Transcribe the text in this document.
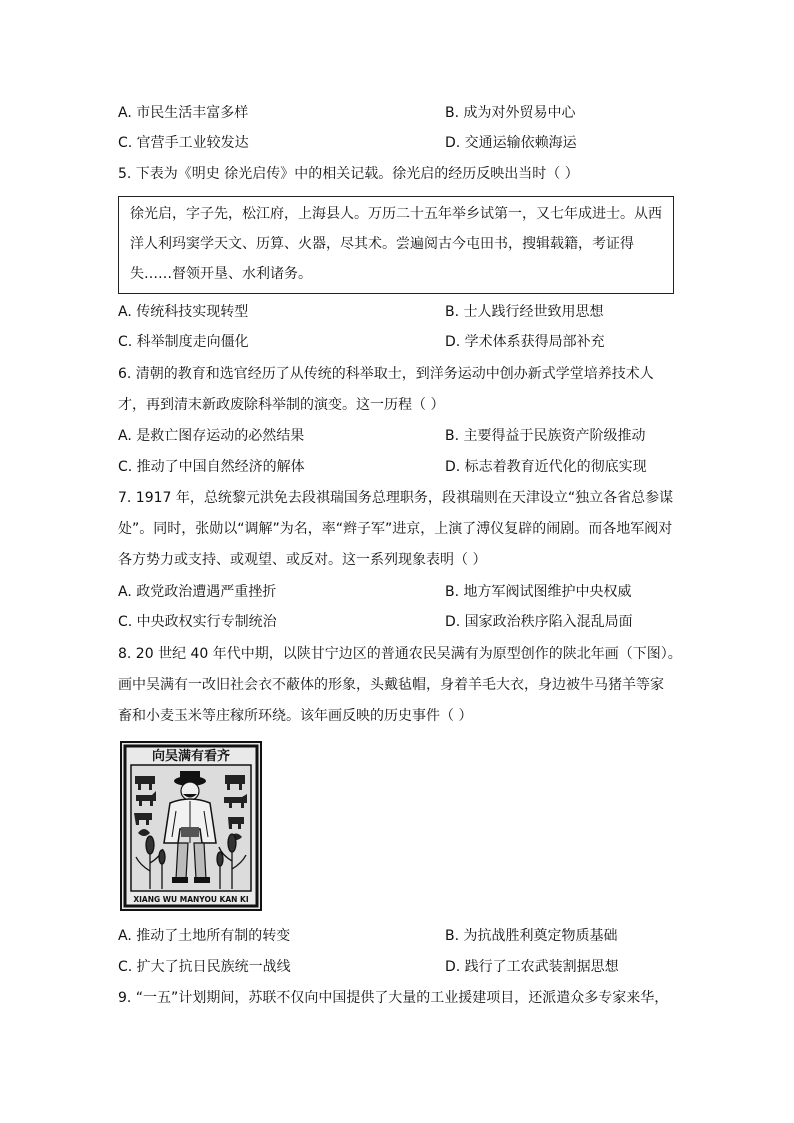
A. 市民生活丰富多样	B. 成为对外贸易中心
C. 官营手工业较发达	D. 交通运输依赖海运
5. 下表为《明史 徐光启传》中的相关记载。徐光启的经历反映出当时（ ）
徐光启，字子先，松江府，上海县人。万历二十五年举乡试第一，又七年成进士。从西
洋人利玛窦学天文、历算、火器，尽其术。尝遍阅古今屯田书，搜辑载籍，考证得
失……督领开垦、水利诸务。
A. 传统科技实现转型	B. 士人践行经世致用思想
C. 科举制度走向僵化	D. 学术体系获得局部补充
6. 清朝的教育和选官经历了从传统的科举取士，到洋务运动中创办新式学堂培养技术人
才，再到清末新政废除科举制的演变。这一历程（ ）
A. 是救亡图存运动的必然结果	B. 主要得益于民族资产阶级推动
C. 推动了中国自然经济的解体	D. 标志着教育近代化的彻底实现
7. 1917 年，总统黎元洪免去段祺瑞国务总理职务，段祺瑞则在天津设立“独立各省总参谋
处”。同时，张勋以“调解”为名，率“辫子军”进京，上演了溥仪复辟的闹剧。而各地军阀对
各方势力或支持、或观望、或反对。这一系列现象表明（ ）
A. 政党政治遭遇严重挫折	B. 地方军阀试图维护中央权威
C. 中央政权实行专制统治	D. 国家政治秩序陷入混乱局面
8. 20 世纪 40 年代中期，以陕甘宁边区的普通农民吴满有为原型创作的陕北年画（下图）。
画中吴满有一改旧社会衣不蔽体的形象，头戴毡帽，身着羊毛大衣，身边被牛马猪羊等家
畜和小麦玉米等庄稼所环绕。该年画反映的历史事件（ ）
向吴满有看齐
XIANG WU MANYOU KAN KI
A. 推动了土地所有制的转变	B. 为抗战胜利奠定物质基础
C. 扩大了抗日民族统一战线	D. 践行了工农武装割据思想
9. “一五”计划期间，苏联不仅向中国提供了大量的工业援建项目，还派遣众多专家来华，
